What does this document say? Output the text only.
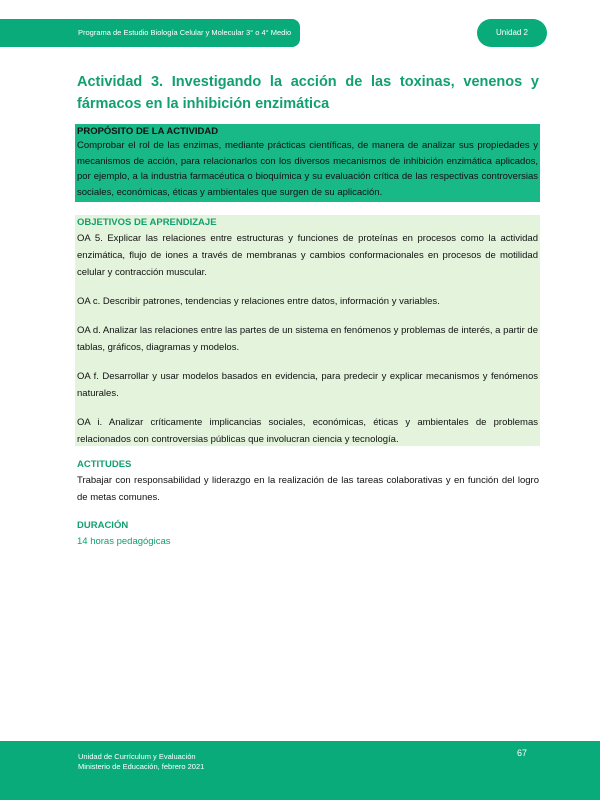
Programa de Estudio Biología Celular y Molecular 3° o 4° Medio	Unidad 2
Actividad 3. Investigando la acción de las toxinas, venenos y fármacos en la inhibición enzimática
PROPÓSITO DE LA ACTIVIDAD
Comprobar el rol de las enzimas, mediante prácticas científicas, de manera de analizar sus propiedades y mecanismos de acción, para relacionarlos con los diversos mecanismos de inhibición enzimática aplicados, por ejemplo, a la industria farmacéutica o bioquímica y su evaluación crítica de las respectivas controversias sociales, económicas, éticas y ambientales que surgen de su aplicación.
OBJETIVOS DE APRENDIZAJE

OA 5. Explicar las relaciones entre estructuras y funciones de proteínas en procesos como la actividad enzimática, flujo de iones a través de membranas y cambios conformacionales en procesos de motilidad celular y contracción muscular.

OA c. Describir patrones, tendencias y relaciones entre datos, información y variables.

OA d. Analizar las relaciones entre las partes de un sistema en fenómenos y problemas de interés, a partir de tablas, gráficos, diagramas y modelos.

OA f. Desarrollar y usar modelos basados en evidencia, para predecir y explicar mecanismos y fenómenos naturales.

OA i. Analizar críticamente implicancias sociales, económicas, éticas y ambientales de problemas relacionados con controversias públicas que involucran ciencia y tecnología.

ACTITUDES
Trabajar con responsabilidad y liderazgo en la realización de las tareas colaborativas y en función del logro de metas comunes.
DURACIÓN
14 horas pedagógicas
Unidad de Currículum y Evaluación
Ministerio de Educación, febrero 2021
67
